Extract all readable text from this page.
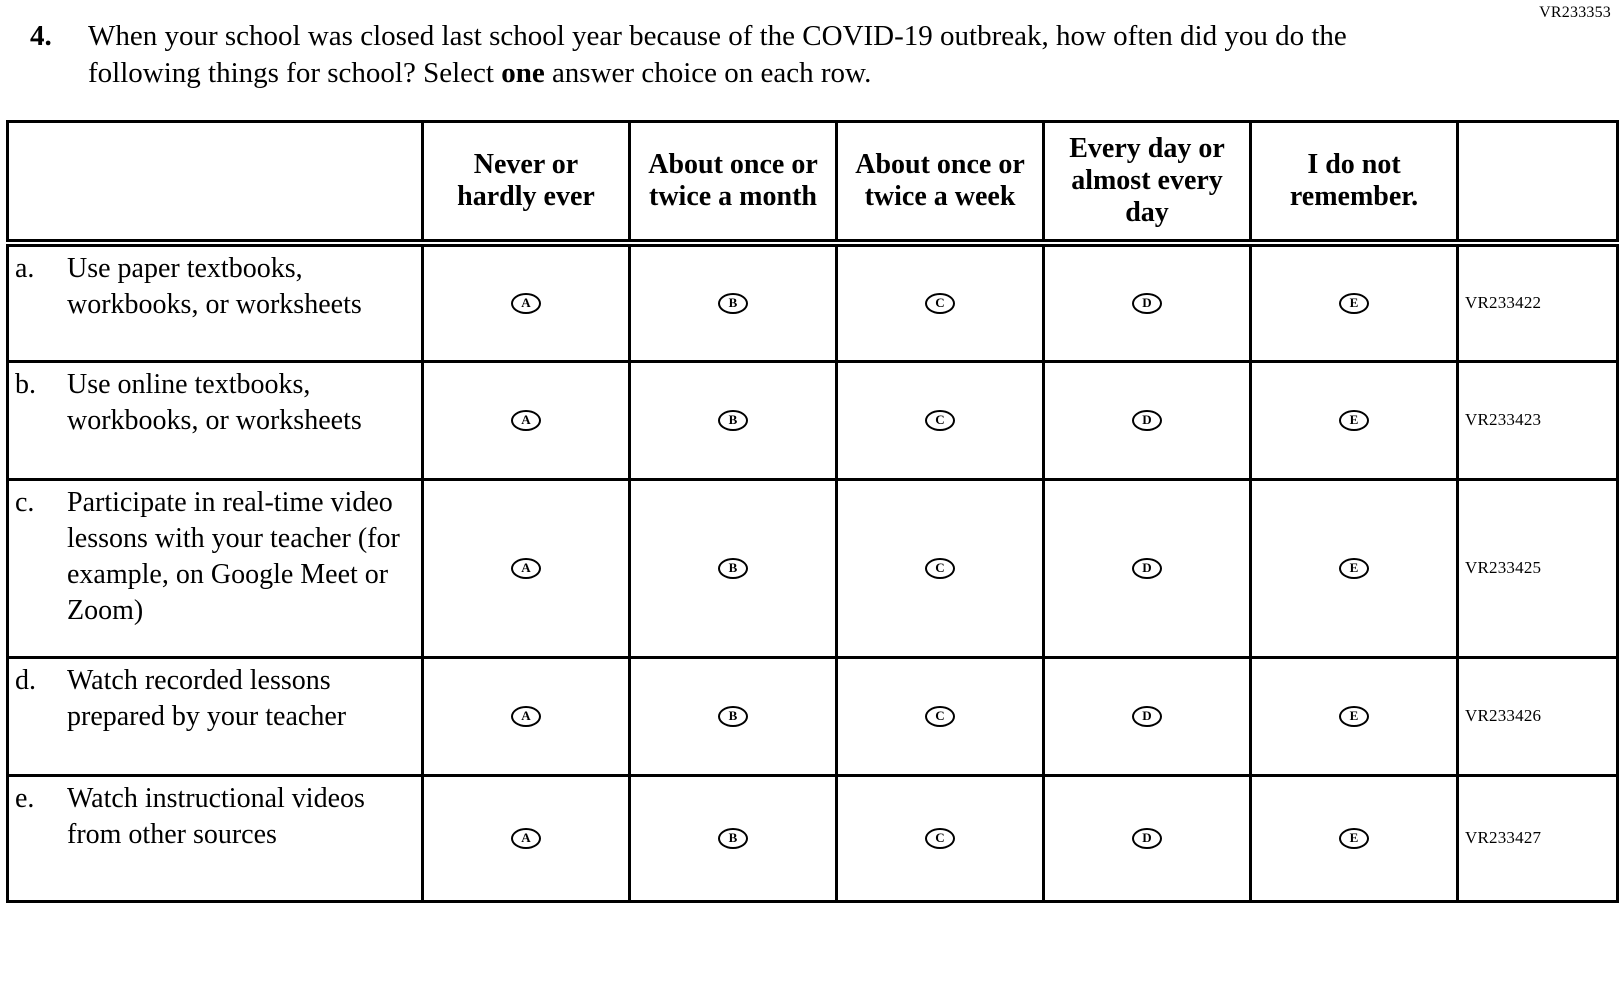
VR233353
4.	When your school was closed last school year because of the COVID-19 outbreak, how often did you do the following things for school? Select one answer choice on each row.
	Never or hardly ever	About once or twice a month	About once or twice a week	Every day or almost every day	I do not remember.	

a. Use paper textbooks, workbooks, or worksheets	A	B	C	D	E	VR233422

b. Use online textbooks, workbooks, or worksheets	A	B	C	D	E	VR233423

c. Participate in real-time video lessons with your teacher (for example, on Google Meet or Zoom)	A	B	C	D	E	VR233425

d. Watch recorded lessons prepared by your teacher	A	B	C	D	E	VR233426

e. Watch instructional videos from other sources	A	B	C	D	E	VR233427
